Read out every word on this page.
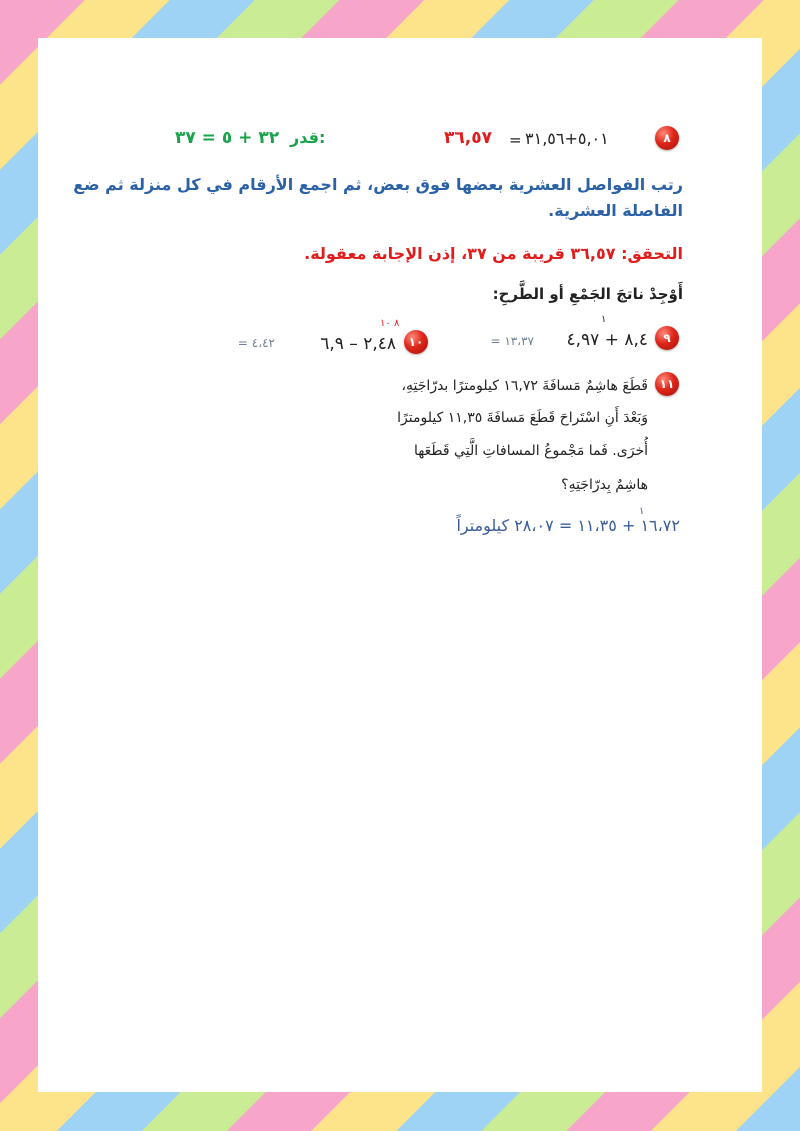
٨
٥,٠١+٣١,٥٦
=
٣٦,٥٧
قدر:
٣٢ + ٥ = ٣٧
رتب الفواصل العشرية بعضها فوق بعض، ثم اجمع الأرقام في كل منزلة ثم ضع
الفاصلة العشرية.
التحقق: ٣٦,٥٧ قريبة من ٣٧، إذن الإجابة معقولة.
أَوْجِدْ ناتجَ الجَمْعِ أو الطَّرحِ:
٩
١
٨,٤ + ٤,٩٧
١٣،٣٧ =
١٠
٨ ١٠
٢,٤٨ – ٦,٩
٤،٤٢ =
١١
قَطَعَ هاشِمٌ مَسافَةَ ١٦,٧٢ كيلومترًا بدرّاجَتِهِ،
وَبَعْدَ أَنِ اسْتَراحَ قَطَعَ مَسافَةَ ١١,٣٥ كيلومترًا
أُخرَى. فَما مَجْموعُ المسافاتِ الَّتِي قَطَعَها
هاشِمٌ بِدرّاجَتِهِ؟
١
١٦،٧٢ + ١١،٣٥ = ٢٨،٠٧ كيلومتراً
